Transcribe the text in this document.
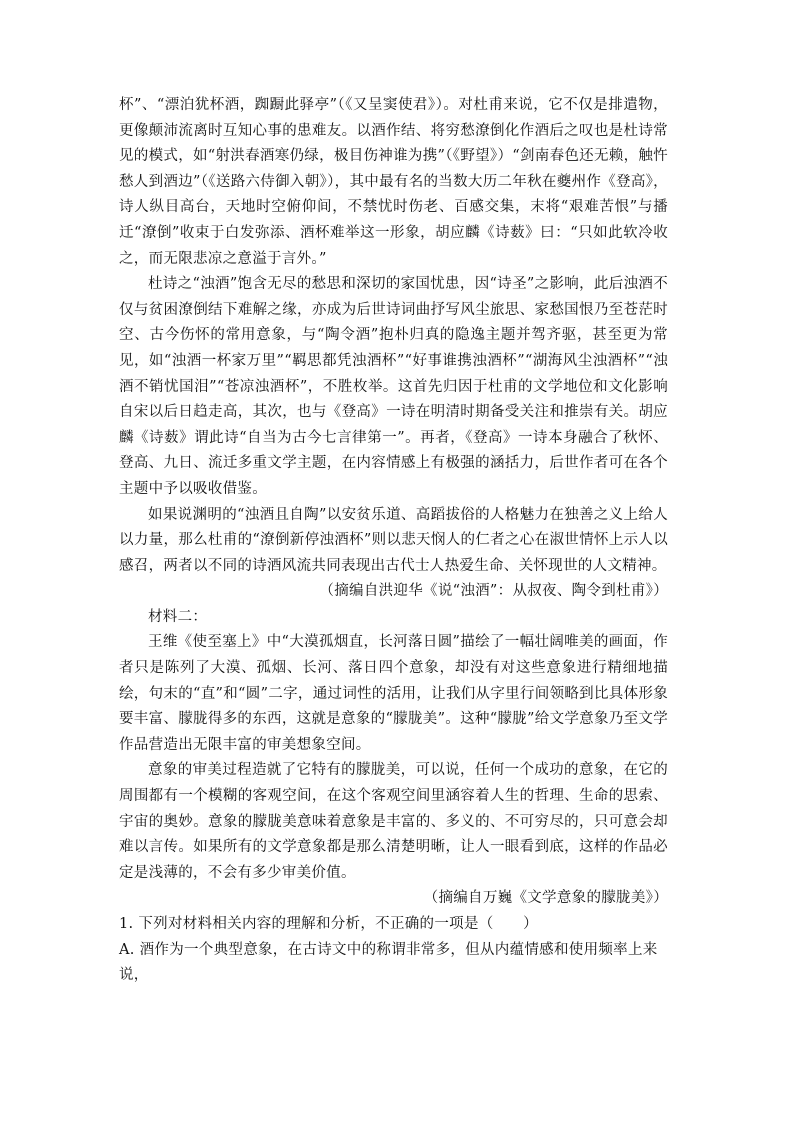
杯”、“漂泊犹杯酒，踟蹰此驿亭”（《又呈窦使君》）。对杜甫来说，它不仅是排遣物，更像颠沛流离时互知心事的患难友。以酒作结、将穷愁潦倒化作酒后之叹也是杜诗常见的模式，如“射洪春酒寒仍绿，极目伤神谁为携”（《野望》）“剑南春色还无赖，触忤愁人到酒边”（《送路六侍御入朝》），其中最有名的当数大历二年秋在夔州作《登高》，诗人纵目高台，天地时空俯仰间，不禁忧时伤老、百感交集，末将“艰难苦恨”与播迁“潦倒”收束于白发弥添、酒杯难举这一形象，胡应麟《诗薮》曰：“只如此软冷收之，而无限悲凉之意溢于言外。”

杜诗之“浊酒”饱含无尽的愁思和深切的家国忧患，因“诗圣”之影响，此后浊酒不仅与贫困潦倒结下难解之缘，亦成为后世诗词曲抒写风尘旅思、家愁国恨乃至苍茫时空、古今伤怀的常用意象，与“陶令酒”抱朴归真的隐逸主题并驾齐驱，甚至更为常见，如“浊酒一杯家万里”“羁思都凭浊酒杯”“好事谁携浊酒杯”“湖海风尘浊酒杯”“浊酒不销忧国泪”“苍凉浊酒杯”，不胜枚举。这首先归因于杜甫的文学地位和文化影响自宋以后日趋走高，其次，也与《登高》一诗在明清时期备受关注和推崇有关。胡应麟《诗薮》谓此诗“自当为古今七言律第一”。再者，《登高》一诗本身融合了秋怀、登高、九日、流迁多重文学主题，在内容情感上有极强的涵括力，后世作者可在各个主题中予以吸收借鉴。

如果说渊明的“浊酒且自陶”以安贫乐道、高蹈拔俗的人格魅力在独善之义上给人以力量，那么杜甫的“潦倒新停浊酒杯”则以悲天悯人的仁者之心在淑世情怀上示人以感召，两者以不同的诗酒风流共同表现出古代士人热爱生命、关怀现世的人文精神。

（摘编自洪迎华《说“浊酒”：从叔夜、陶令到杜甫》）

材料二：

王维《使至塞上》中“大漠孤烟直，长河落日圆”描绘了一幅壮阔唯美的画面，作者只是陈列了大漠、孤烟、长河、落日四个意象，却没有对这些意象进行精细地描绘，句末的“直”和“圆”二字，通过词性的活用，让我们从字里行间领略到比具体形象要丰富、朦胧得多的东西，这就是意象的“朦胧美”。这种“朦胧”给文学意象乃至文学作品营造出无限丰富的审美想象空间。

意象的审美过程造就了它特有的朦胧美，可以说，任何一个成功的意象，在它的周围都有一个模糊的客观空间，在这个客观空间里涵容着人生的哲理、生命的思索、宇宙的奥妙。意象的朦胧美意味着意象是丰富的、多义的、不可穷尽的，只可意会却难以言传。如果所有的文学意象都是那么清楚明晰，让人一眼看到底，这样的作品必定是浅薄的，不会有多少审美价值。

（摘编自万巍《文学意象的朦胧美》）

1. 下列对材料相关内容的理解和分析，不正确的一项是（　　）

A. 酒作为一个典型意象，在古诗文中的称谓非常多，但从内蕴情感和使用频率上来说，
